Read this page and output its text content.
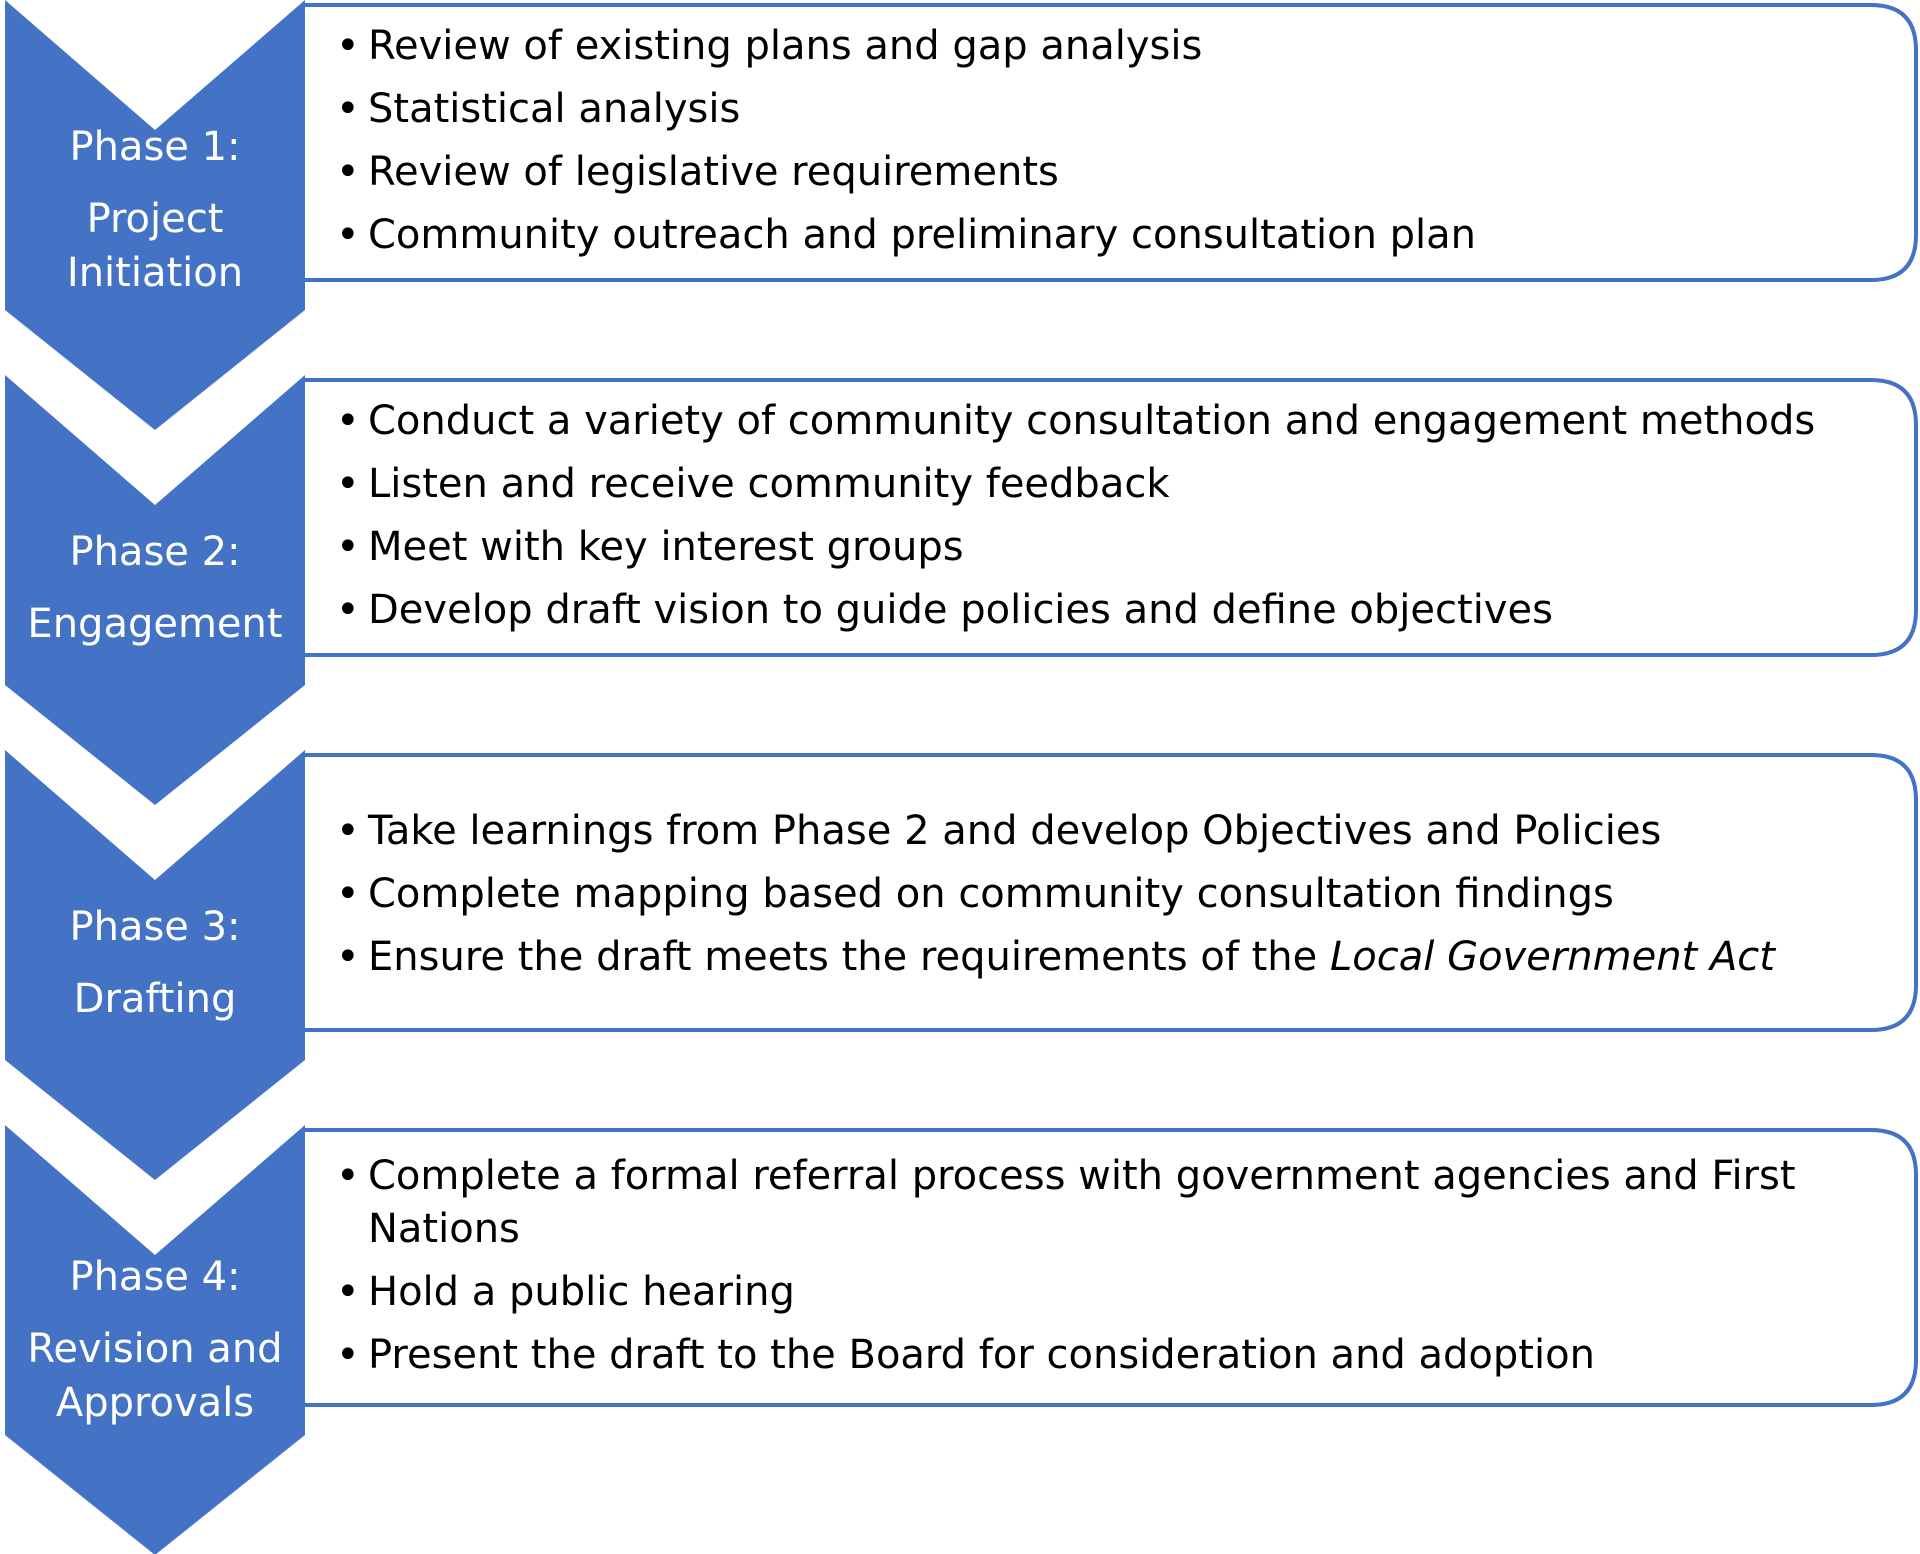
Phase 1:
Project
Initiation
• Review of existing plans and gap analysis
• Statistical analysis
• Review of legislative requirements
• Community outreach and preliminary consultation plan
Phase 2:
Engagement
• Conduct a variety of community consultation and engagement methods
• Listen and receive community feedback
• Meet with key interest groups
• Develop draft vision to guide policies and define objectives
Phase 3:
Drafting
• Take learnings from Phase 2 and develop Objectives and Policies
• Complete mapping based on community consultation findings
• Ensure the draft meets the requirements of the Local Government Act
Phase 4:
Revision and
Approvals
• Complete a formal referral process with government agencies and First Nations
• Hold a public hearing
• Present the draft to the Board for consideration and adoption
